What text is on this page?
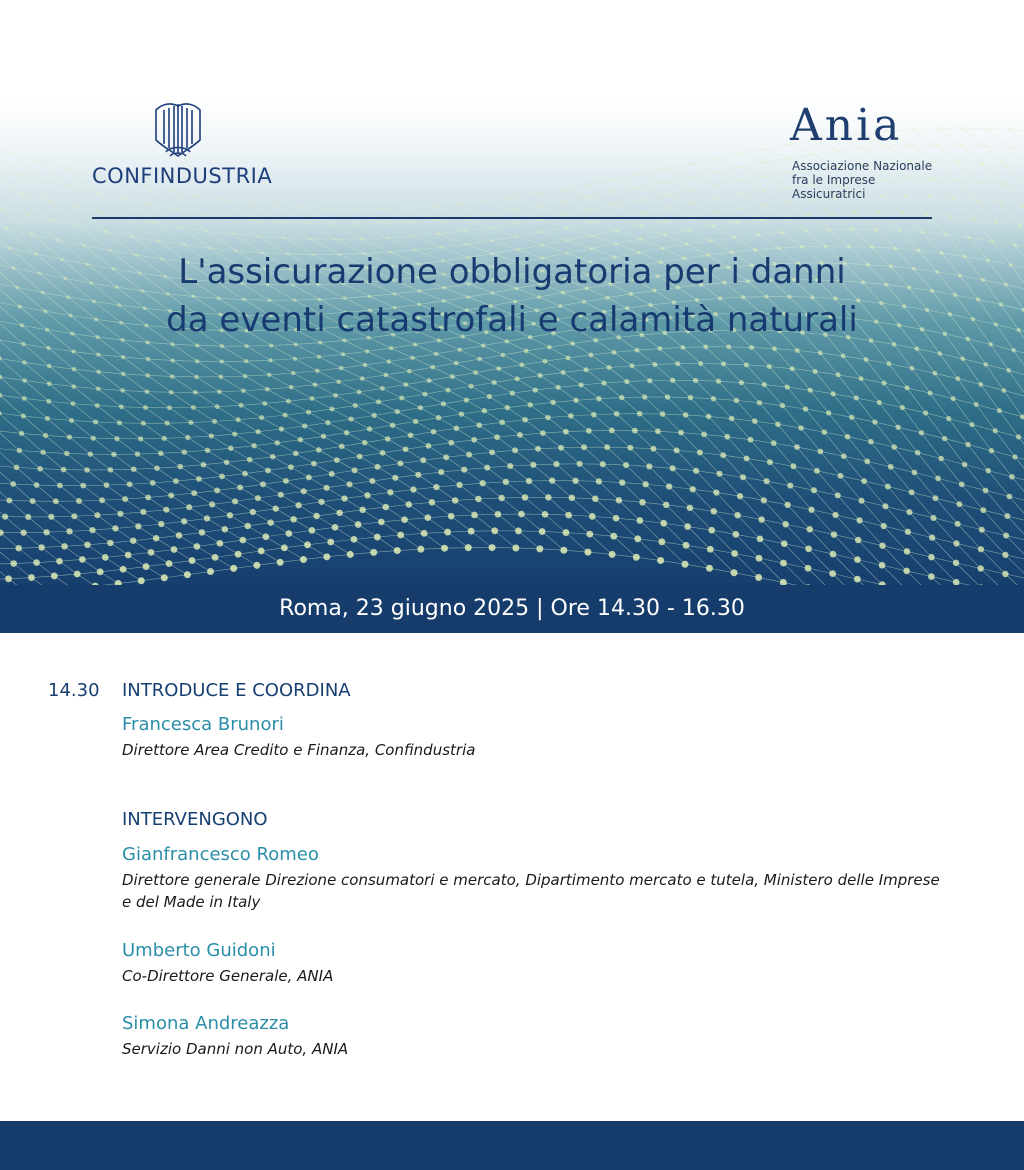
CONFINDUSTRIA
Ania
Associazione Nazionale
fra le Imprese Assicuratrici
L'assicurazione obbligatoria per i danni
da eventi catastrofali e calamità naturali
Roma, 23 giugno 2025 | Ore 14.30 - 16.30
14.30 INTRODUCE E COORDINA
Francesca Brunori
Direttore Area Credito e Finanza, Confindustria
INTERVENGONO
Gianfrancesco Romeo
Direttore generale Direzione consumatori e mercato, Dipartimento mercato e tutela, Ministero delle Imprese
e del Made in Italy
Umberto Guidoni
Co-Direttore Generale, ANIA
Simona Andreazza
Servizio Danni non Auto, ANIA
